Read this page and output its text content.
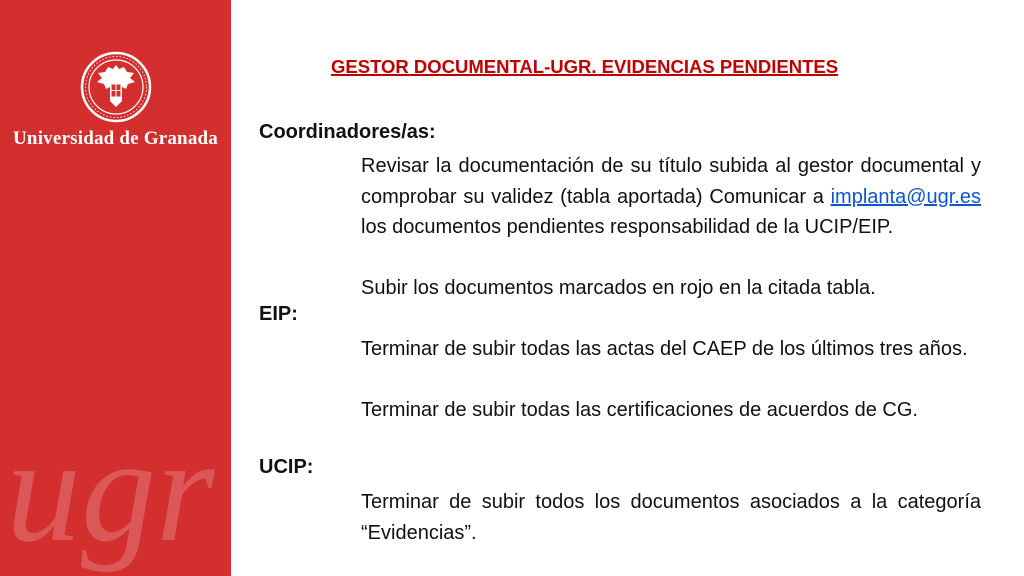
Universidad de Granada
ugr
GESTOR DOCUMENTAL-UGR. EVIDENCIAS PENDIENTES
Coordinadores/as:
Revisar la documentación de su título subida al gestor documental y comprobar su validez (tabla aportada) Comunicar a implanta@ugr.es los documentos pendientes responsabilidad de la UCIP/EIP.
Subir los documentos marcados en rojo en la citada tabla.
EIP:
Terminar de subir todas las actas del CAEP de los últimos tres años.
Terminar de subir todas las certificaciones de acuerdos de CG.
UCIP:
Terminar de subir todos los documentos asociados a la categoría “Evidencias”.
